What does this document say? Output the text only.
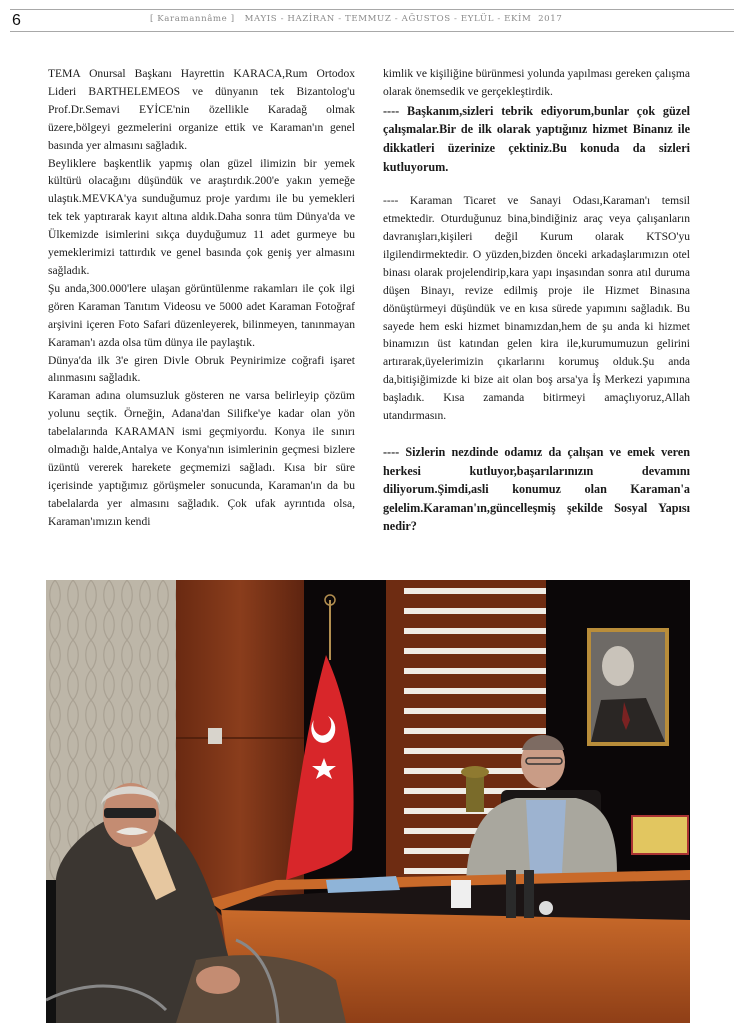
6	[ Karamannâme ]   MAYIS - HAZİRAN - TEMMUZ - AĞUSTOS - EYLÜL - EKİM  2017

TEMA Onursal Başkanı Hayrettin KARACA,Rum Ortodox Lideri BARTHELEMEOS ve dünyanın tek Bizantolog'u Prof.Dr.Semavi EYİCE'nin özellikle Karadağ olmak üzere,bölgeyi gezmelerini organize ettik ve Karaman'ın genel basında yer almasını sağladık.

Beyliklere başkentlik yapmış olan güzel ilimizin bir yemek kültürü olacağını düşündük ve araştırdık.200'e yakın yemeğe ulaştık.MEVKA'ya sunduğumuz proje yardımı ile bu yemekleri tek tek yaptırarak kayıt altına aldık.Daha sonra tüm Dünya'da ve Ülkemizde isimlerini sıkça duyduğumuz 11 adet gurmeye bu yemeklerimizi tattırdık ve genel basında çok geniş yer almasını sağladık.

Şu anda,300.000'lere ulaşan görüntülenme rakamları ile çok ilgi gören Karaman Tanıtım Videosu ve 5000 adet Karaman Fotoğraf arşivini içeren Foto Safari düzenleyerek, bilinmeyen, tanınmayan Karaman'ı azda olsa tüm dünya ile paylaştık.

Dünya'da ilk 3'e giren Divle Obruk Peynirimize coğrafi işaret alınmasını sağladık.

Karaman adına olumsuzluk gösteren ne varsa belirleyip çözüm yolunu seçtik. Örneğin, Adana'dan Silifke'ye kadar olan yön tabelalarında KARAMAN ismi geçmiyordu. Konya ile sınırı olmadığı halde,Antalya ve Konya'nın isimlerinin geçmesi bizlere üzüntü vererek harekete geçmemizi sağladı. Kısa bir süre içerisinde yaptığımız görüşmeler sonucunda, Karaman'ın da bu tabelalarda yer almasını sağladık. Çok ufak ayrıntıda olsa, Karaman'ımızın kendi

kimlik ve kişiliğine bürünmesi yolunda yapılması gereken çalışma olarak önemsedik ve gerçekleştirdik.

---- Başkanım,sizleri tebrik ediyorum,bunlar çok güzel çalışmalar.Bir de ilk olarak yaptığınız hizmet Binanız ile dikkatleri üzerinize çektiniz.Bu konuda da sizleri kutluyorum.

---- Karaman Ticaret ve Sanayi Odası,Karaman'ı temsil etmektedir. Oturduğunuz bina,bindiğiniz araç veya çalışanların davranışları,kişileri değil Kurum olarak KTSO'yu ilgilendirmektedir. O yüzden,bizden önceki arkadaşlarımızın otel binası olarak projelendirip,kara yapı inşasından sonra atıl duruma düşen Binayı, revize edilmiş proje ile Hizmet Binasına dönüştürmeyi düşündük ve en kısa sürede yapımını sağladık. Bu sayede hem eski hizmet binamızdan,hem de şu anda ki hizmet binamızın üst katından gelen kira ile,kurumumuzun gelirini artırarak,üyelerimizin çıkarlarını korumuş olduk.Şu anda da,bitişiğimizde ki bize ait olan boş arsa'ya İş Merkezi yapımına başladık. Kısa zamanda bitirmeyi amaçlıyoruz,Allah utandırmasın.

---- Sizlerin nezdinde odamız da çalışan ve emek veren herkesi kutluyor,başarılarınızın devamını diliyorum.Şimdi,asli konumuz olan Karaman'a gelelim.Karaman'ın,güncelleşmiş şekilde Sosyal Yapısı nedir?
